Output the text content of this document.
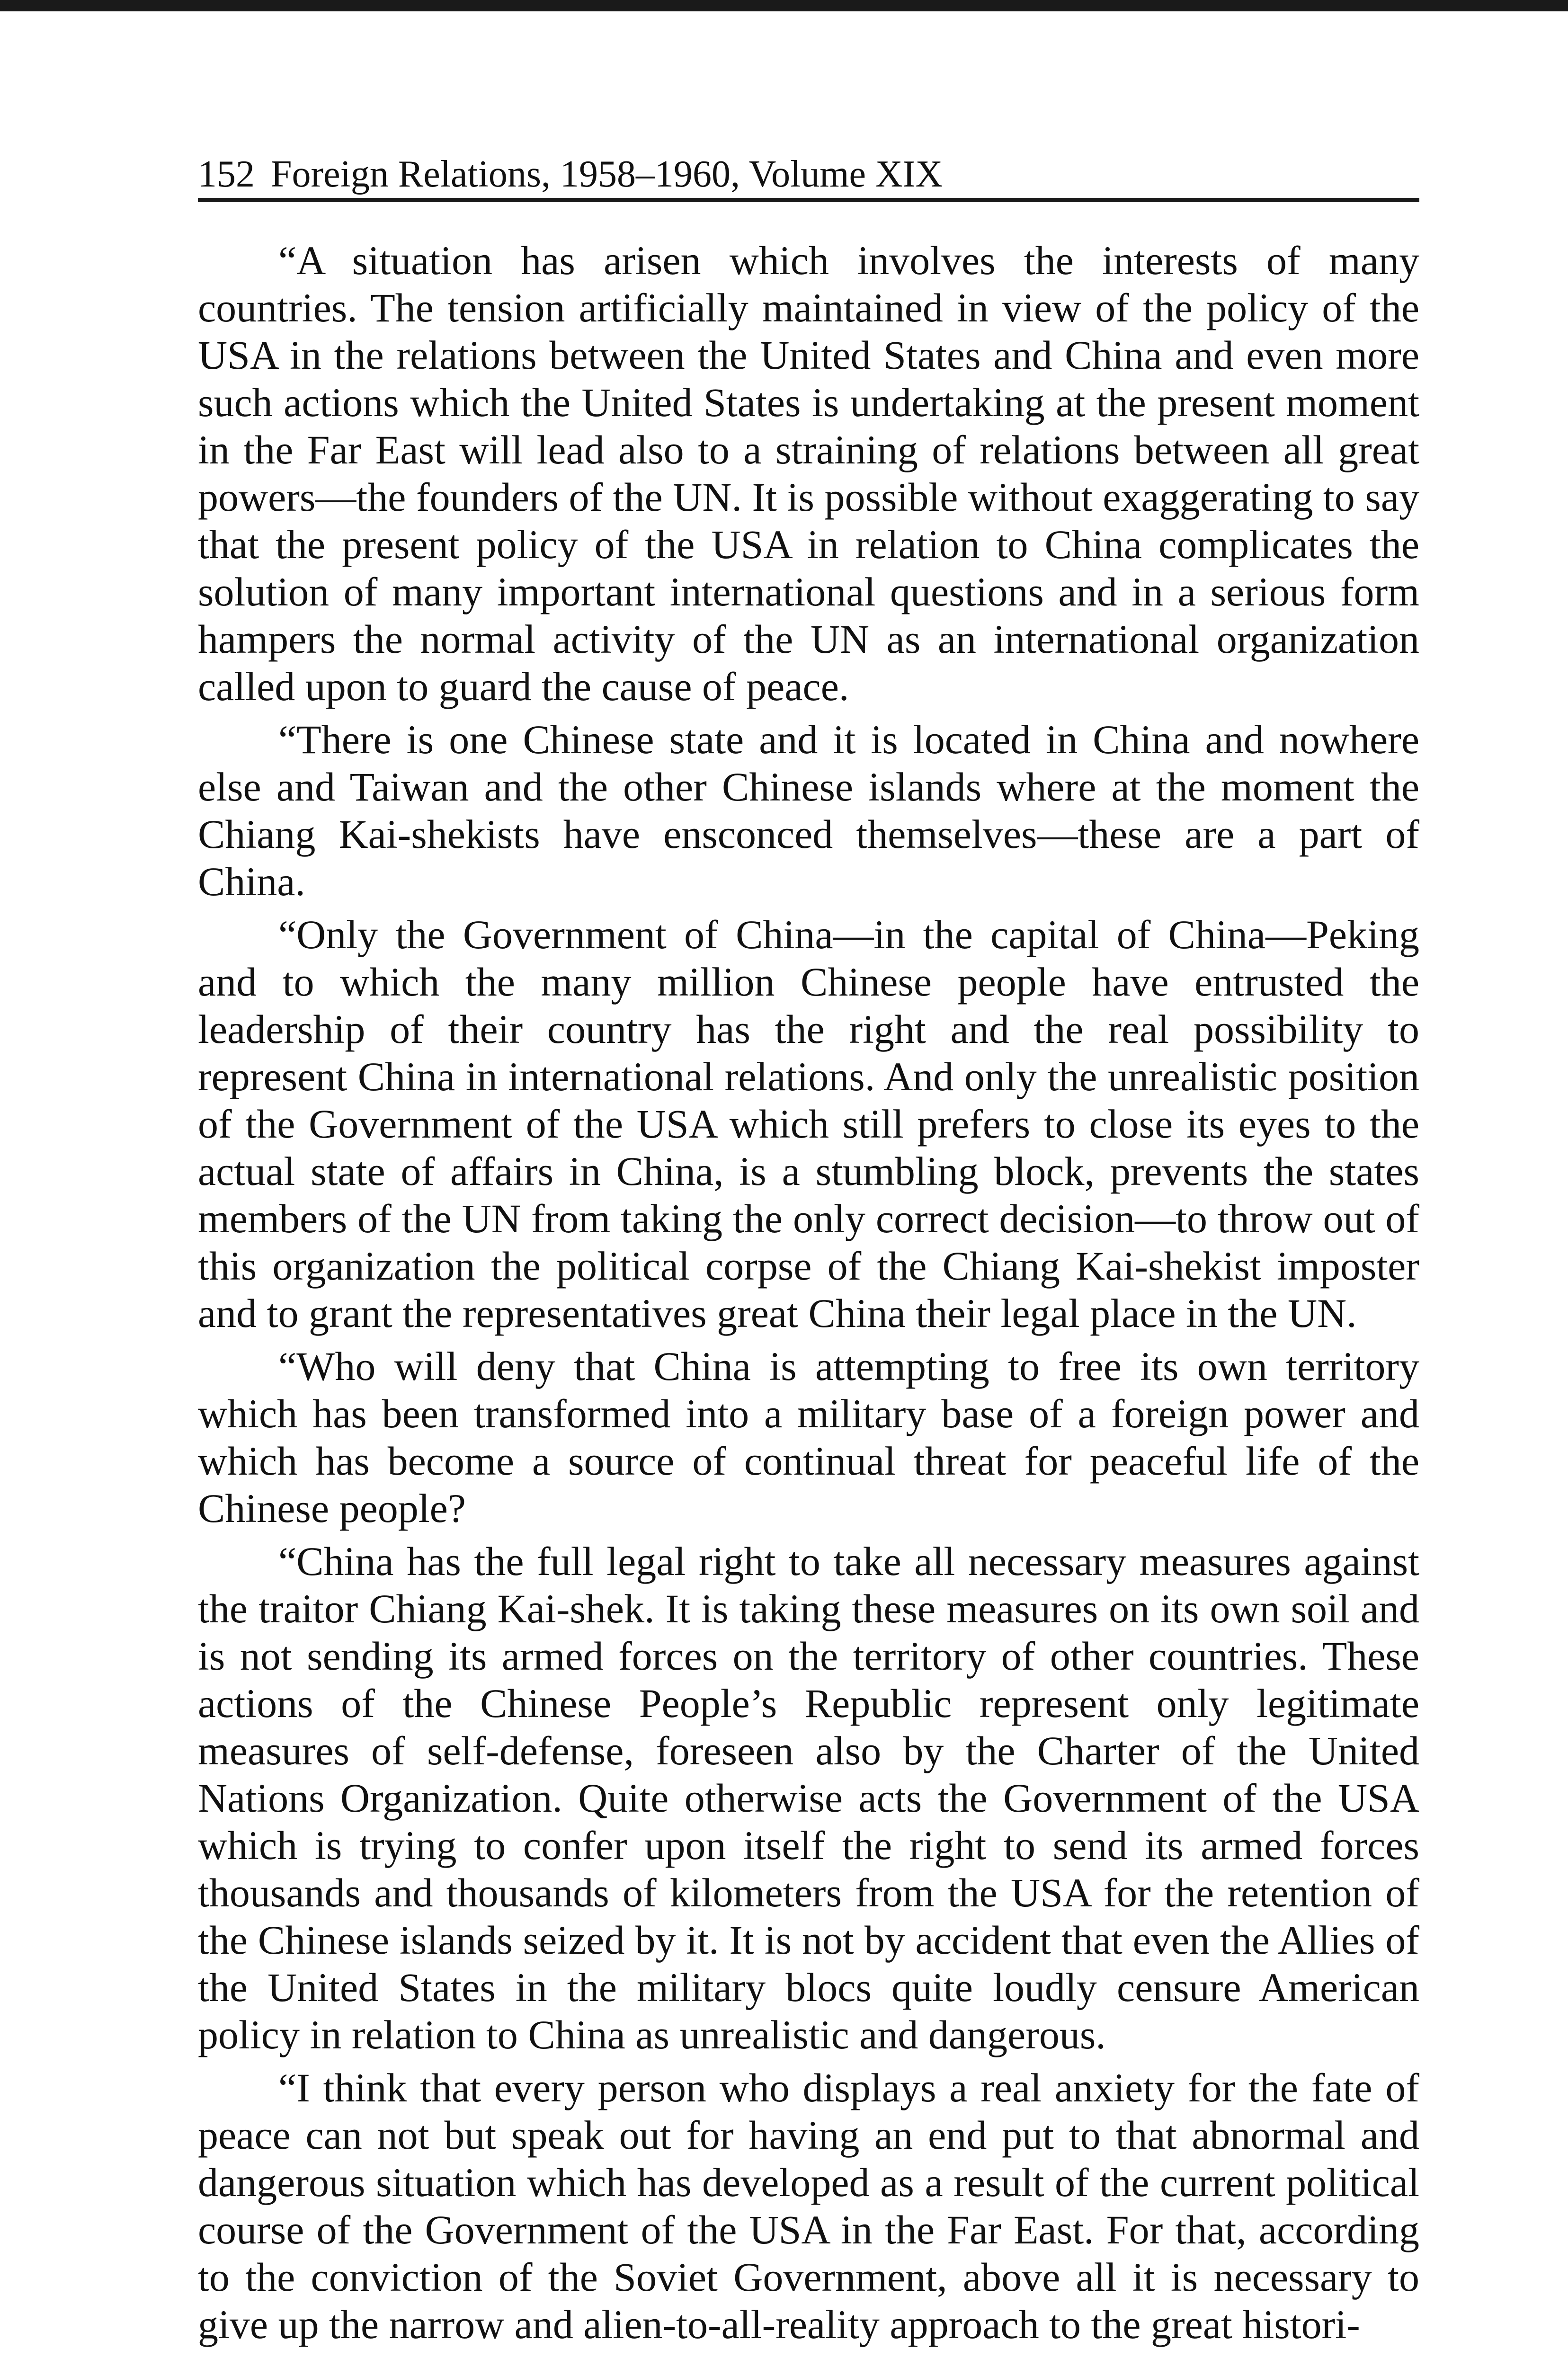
152 Foreign Relations, 1958–1960, Volume XIX

“A situation has arisen which involves the interests of many countries. The tension artificially maintained in view of the policy of the USA in the relations between the United States and China and even more such actions which the United States is undertaking at the present moment in the Far East will lead also to a straining of relations between all great powers—the founders of the UN. It is possible without exaggerating to say that the present policy of the USA in relation to China complicates the solution of many important international questions and in a serious form hampers the normal activity of the UN as an international organization called upon to guard the cause of peace.

“There is one Chinese state and it is located in China and nowhere else and Taiwan and the other Chinese islands where at the moment the Chiang Kai-shekists have ensconced themselves—these are a part of China.

“Only the Government of China—in the capital of China—Peking and to which the many million Chinese people have entrusted the leadership of their country has the right and the real possibility to represent China in international relations. And only the unrealistic position of the Government of the USA which still prefers to close its eyes to the actual state of affairs in China, is a stumbling block, prevents the states members of the UN from taking the only correct decision—to throw out of this organization the political corpse of the Chiang Kai-shekist imposter and to grant the representatives great China their legal place in the UN.

“Who will deny that China is attempting to free its own territory which has been transformed into a military base of a foreign power and which has become a source of continual threat for peaceful life of the Chinese people?

“China has the full legal right to take all necessary measures against the traitor Chiang Kai-shek. It is taking these measures on its own soil and is not sending its armed forces on the territory of other countries. These actions of the Chinese People’s Republic represent only legitimate measures of self-defense, foreseen also by the Charter of the United Nations Organization. Quite otherwise acts the Government of the USA which is trying to confer upon itself the right to send its armed forces thousands and thousands of kilometers from the USA for the retention of the Chinese islands seized by it. It is not by accident that even the Allies of the United States in the military blocs quite loudly censure American policy in relation to China as unrealistic and dangerous.

“I think that every person who displays a real anxiety for the fate of peace can not but speak out for having an end put to that abnormal and dangerous situation which has developed as a result of the current political course of the Government of the USA in the Far East. For that, according to the conviction of the Soviet Government, above all it is necessary to give up the narrow and alien-to-all-reality approach to the great histori-
